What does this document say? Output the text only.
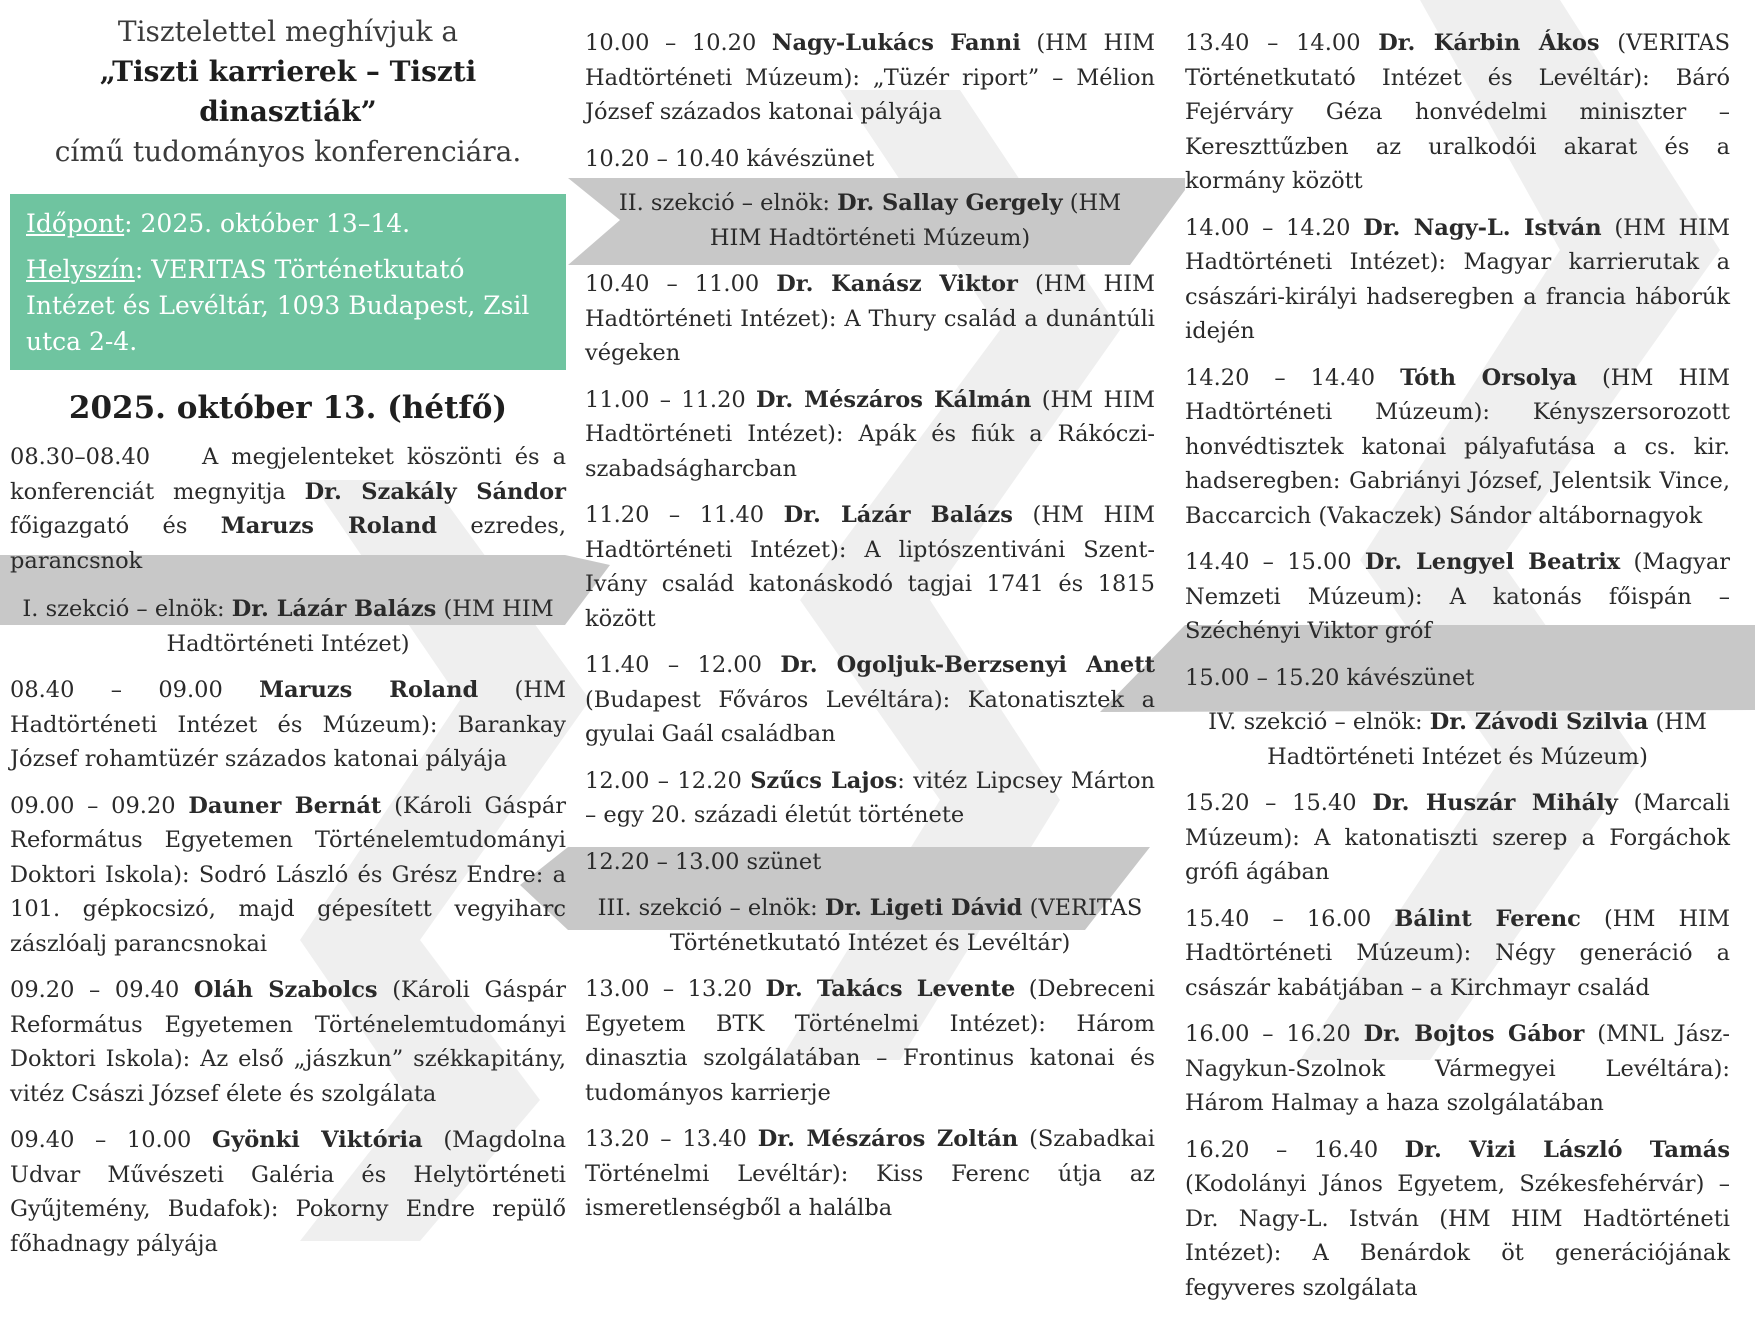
Tisztelettel meghívjuk a
„Tiszti karrierek – Tiszti dinasztiák”
című tudományos konferenciára.
Időpont: 2025. október 13–14.
Helyszín: VERITAS Történetkutató Intézet és Levéltár, 1093 Budapest, Zsil utca 2-4.
2025. október 13. (hétfő)
08.30–08.40 A megjelenteket köszönti és a konferenciát megnyitja Dr. Szakály Sándor főigazgató és Maruzs Roland ezredes, parancsnok
I. szekció – elnök: Dr. Lázár Balázs (HM HIM Hadtörténeti Intézet)
08.40 – 09.00 Maruzs Roland (HM Hadtörténeti Intézet és Múzeum): Barankay József rohamtüzér százados katonai pályája
09.00 – 09.20 Dauner Bernát (Károli Gáspár Református Egyetemen Történelemtudományi Doktori Iskola): Sodró László és Grész Endre: a 101. gépkocsizó, majd gépesített vegyiharc zászlóalj parancsnokai
09.20 – 09.40 Oláh Szabolcs (Károli Gáspár Református Egyetemen Történelemtudományi Doktori Iskola): Az első „jászkun” székkapitány, vitéz Császi József élete és szolgálata
09.40 – 10.00 Gyönki Viktória (Magdolna Udvar Művészeti Galéria és Helytörténeti Gyűjtemény, Budafok): Pokorny Endre repülő főhadnagy pályája
10.00 – 10.20 Nagy-Lukács Fanni (HM HIM Hadtörténeti Múzeum): „Tüzér riport” – Mélion József százados katonai pályája
10.20 – 10.40 kávészünet
II. szekció – elnök: Dr. Sallay Gergely (HM HIM Hadtörténeti Múzeum)
10.40 – 11.00 Dr. Kanász Viktor (HM HIM Hadtörténeti Intézet): A Thury család a dunántúli végeken
11.00 – 11.20 Dr. Mészáros Kálmán (HM HIM Hadtörténeti Intézet): Apák és fiúk a Rákóczi-szabadságharcban
11.20 – 11.40 Dr. Lázár Balázs (HM HIM Hadtörténeti Intézet): A liptószentiváni Szent-Ivány család katonáskodó tagjai 1741 és 1815 között
11.40 – 12.00 Dr. Ogoljuk-Berzsenyi Anett (Budapest Főváros Levéltára): Katonatisztek a gyulai Gaál családban
12.00 – 12.20 Szűcs Lajos: vitéz Lipcsey Márton – egy 20. századi életút története
12.20 – 13.00 szünet
III. szekció – elnök: Dr. Ligeti Dávid (VERITAS Történetkutató Intézet és Levéltár)
13.00 – 13.20 Dr. Takács Levente (Debreceni Egyetem BTK Történelmi Intézet): Három dinasztia szolgálatában – Frontinus katonai és tudományos karrierje
13.20 – 13.40 Dr. Mészáros Zoltán (Szabadkai Történelmi Levéltár): Kiss Ferenc útja az ismeretlenségből a halálba
13.40 – 14.00 Dr. Kárbin Ákos (VERITAS Történetkutató Intézet és Levéltár): Báró Fejérváry Géza honvédelmi miniszter – Kereszttűzben az uralkodói akarat és a kormány között
14.00 – 14.20 Dr. Nagy-L. István (HM HIM Hadtörténeti Intézet): Magyar karrierutak a császári-királyi hadseregben a francia háborúk idején
14.20 – 14.40 Tóth Orsolya (HM HIM Hadtörténeti Múzeum): Kényszersorozott honvédtisztek katonai pályafutása a cs. kir. hadseregben: Gabriányi József, Jelentsik Vince, Baccarcich (Vakaczek) Sándor altábornagyok
14.40 – 15.00 Dr. Lengyel Beatrix (Magyar Nemzeti Múzeum): A katonás főispán – Széchényi Viktor gróf
15.00 – 15.20 kávészünet
IV. szekció – elnök: Dr. Závodi Szilvia (HM Hadtörténeti Intézet és Múzeum)
15.20 – 15.40 Dr. Huszár Mihály (Marcali Múzeum): A katonatiszti szerep a Forgáchok grófi ágában
15.40 – 16.00 Bálint Ferenc (HM HIM Hadtörténeti Múzeum): Négy generáció a császár kabátjában – a Kirchmayr család
16.00 – 16.20 Dr. Bojtos Gábor (MNL Jász-Nagykun-Szolnok Vármegyei Levéltára): Három Halmay a haza szolgálatában
16.20 – 16.40 Dr. Vizi László Tamás (Kodolányi János Egyetem, Székesfehérvár) – Dr. Nagy-L. István (HM HIM Hadtörténeti Intézet): A Benárdok öt generációjának fegyveres szolgálata
